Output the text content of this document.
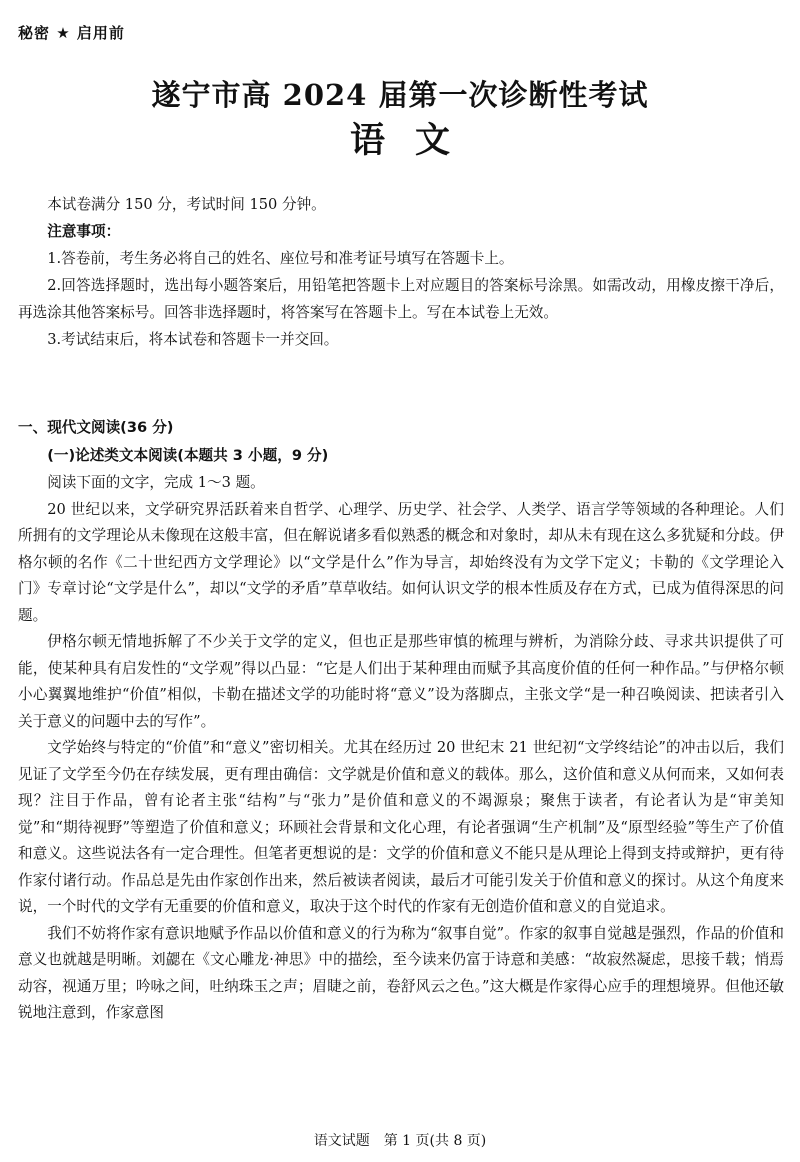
秘密 ★ 启用前
遂宁市高 2024 届第一次诊断性考试
语文

本试卷满分 150 分，考试时间 150 分钟。

注意事项：

1.答卷前，考生务必将自己的姓名、座位号和准考证号填写在答题卡上。

2.回答选择题时，选出每小题答案后，用铅笔把答题卡上对应题目的答案标号涂黑。如需改动，用橡皮擦干净后，再选涂其他答案标号。回答非选择题时，将答案写在答题卡上。写在本试卷上无效。

3.考试结束后，将本试卷和答题卡一并交回。

一、现代文阅读(36 分)
(一)论述类文本阅读(本题共 3 小题，9 分)

阅读下面的文字，完成 1～3 题。

20 世纪以来，文学研究界活跃着来自哲学、心理学、历史学、社会学、人类学、语言学等领域的各种理论。人们所拥有的文学理论从未像现在这般丰富，但在解说诸多看似熟悉的概念和对象时，却从未有现在这么多犹疑和分歧。伊格尔顿的名作《二十世纪西方文学理论》以“文学是什么”作为导言，却始终没有为文学下定义；卡勒的《文学理论入门》专章讨论“文学是什么”，却以“文学的矛盾”草草收结。如何认识文学的根本性质及存在方式，已成为值得深思的问题。

伊格尔顿无情地拆解了不少关于文学的定义，但也正是那些审慎的梳理与辨析，为消除分歧、寻求共识提供了可能，使某种具有启发性的“文学观”得以凸显：“它是人们出于某种理由而赋予其高度价值的任何一种作品。”与伊格尔顿小心翼翼地维护“价值”相似，卡勒在描述文学的功能时将“意义”设为落脚点，主张文学“是一种召唤阅读、把读者引入关于意义的问题中去的写作”。

文学始终与特定的“价值”和“意义”密切相关。尤其在经历过 20 世纪末 21 世纪初“文学终结论”的冲击以后，我们见证了文学至今仍在存续发展，更有理由确信：文学就是价值和意义的载体。那么，这价值和意义从何而来，又如何表现？注目于作品，曾有论者主张“结构”与“张力”是价值和意义的不竭源泉；聚焦于读者，有论者认为是“审美知觉”和“期待视野”等塑造了价值和意义；环顾社会背景和文化心理，有论者强调“生产机制”及“原型经验”等生产了价值和意义。这些说法各有一定合理性。但笔者更想说的是：文学的价值和意义不能只是从理论上得到支持或辩护，更有待作家付诸行动。作品总是先由作家创作出来，然后被读者阅读，最后才可能引发关于价值和意义的探讨。从这个角度来说，一个时代的文学有无重要的价值和意义，取决于这个时代的作家有无创造价值和意义的自觉追求。

我们不妨将作家有意识地赋予作品以价值和意义的行为称为“叙事自觉”。作家的叙事自觉越是强烈，作品的价值和意义也就越是明晰。刘勰在《文心雕龙·神思》中的描绘，至今读来仍富于诗意和美感：“故寂然凝虑，思接千载；悄焉动容，视通万里；吟咏之间，吐纳珠玉之声；眉睫之前，卷舒风云之色。”这大概是作家得心应手的理想境界。但他还敏锐地注意到，作家意图

语文试题　第 1 页(共 8 页)
